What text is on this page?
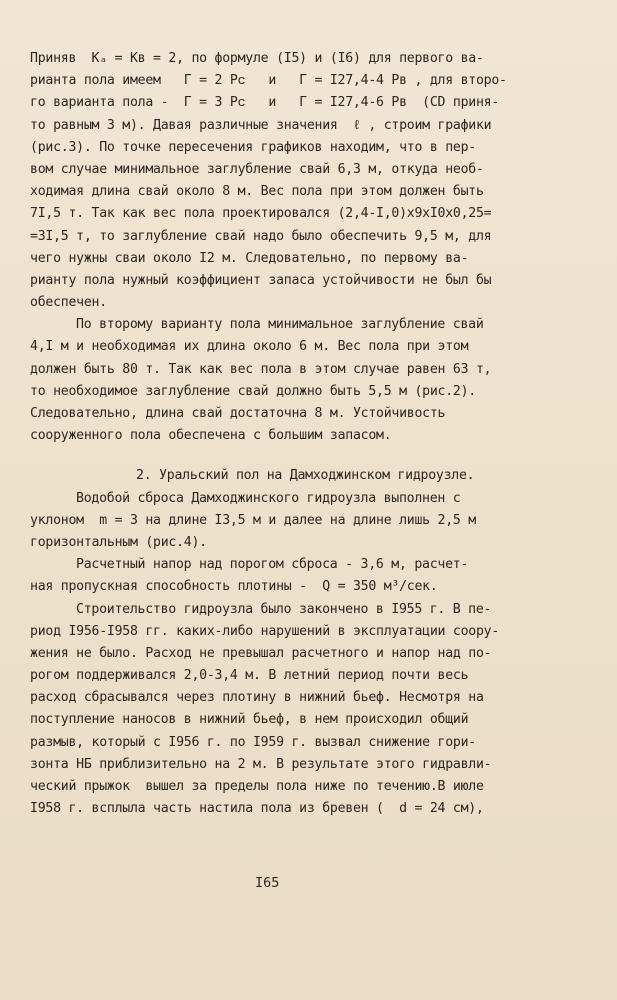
Приняв  Kₐ = Kв = 2, по формуле (I5) и (I6) для первого ва-
рианта пола имеем   Г = 2 Pᴄ   и   Г = I27,4-4 Pв , для второ-
го варианта пола -  Г = 3 Pᴄ   и   Г = I27,4-6 Pв  (CD приня-
то равным 3 м). Давая различные значения  ℓ , строим графики
(рис.3). По точке пересечения графиков находим, что в пер-
вом случае минимальное заглубление свай 6,3 м, откуда необ-
ходимая длина свай около 8 м. Вес пола при этом должен быть
7I,5 т. Так как вес пола проектировался (2,4-I,0)х9хI0х0,25=
=3I,5 т, то заглубление свай надо было обеспечить 9,5 м, для
чего нужны сваи около I2 м. Следовательно, по первому ва-
рианту пола нужный коэффициент запаса устойчивости не был бы
обеспечен.
По второму варианту пола минимальное заглубление свай
4,I м и необходимая их длина около 6 м. Вес пола при этом
должен быть 80 т. Так как вес пола в этом случае равен 63 т,
то необходимое заглубление свай должно быть 5,5 м (рис.2).
Следовательно, длина свай достаточна 8 м. Устойчивость
сооруженного пола обеспечена с большим запасом.
2. Уральский пол на Дамходжинском гидроузле.
Водобой сброса Дамходжинского гидроузла выполнен с
уклоном  m = 3 на длине I3,5 м и далее на длине лишь 2,5 м
горизонтальным (рис.4).
Расчетный напор над порогом сброса - 3,6 м, расчет-
ная пропускная способность плотины -  Q = 350 м³/сек.
Строительство гидроузла было закончено в I955 г. В пе-
риод I956-I958 гг. каких-либо нарушений в эксплуатации соору-
жения не было. Расход не превышал расчетного и напор над по-
рогом поддерживался 2,0-3,4 м. В летний период почти весь
расход сбрасывался через плотину в нижний бьеф. Несмотря на
поступление наносов в нижний бьеф, в нем происходил общий
размыв, который с I956 г. по I959 г. вызвал снижение гори-
зонта НБ приблизительно на 2 м. В результате этого гидравли-
ческий прыжок  вышел за пределы пола ниже по течению.В июле
I958 г. всплыла часть настила пола из бревен (  d = 24 см),
I65
